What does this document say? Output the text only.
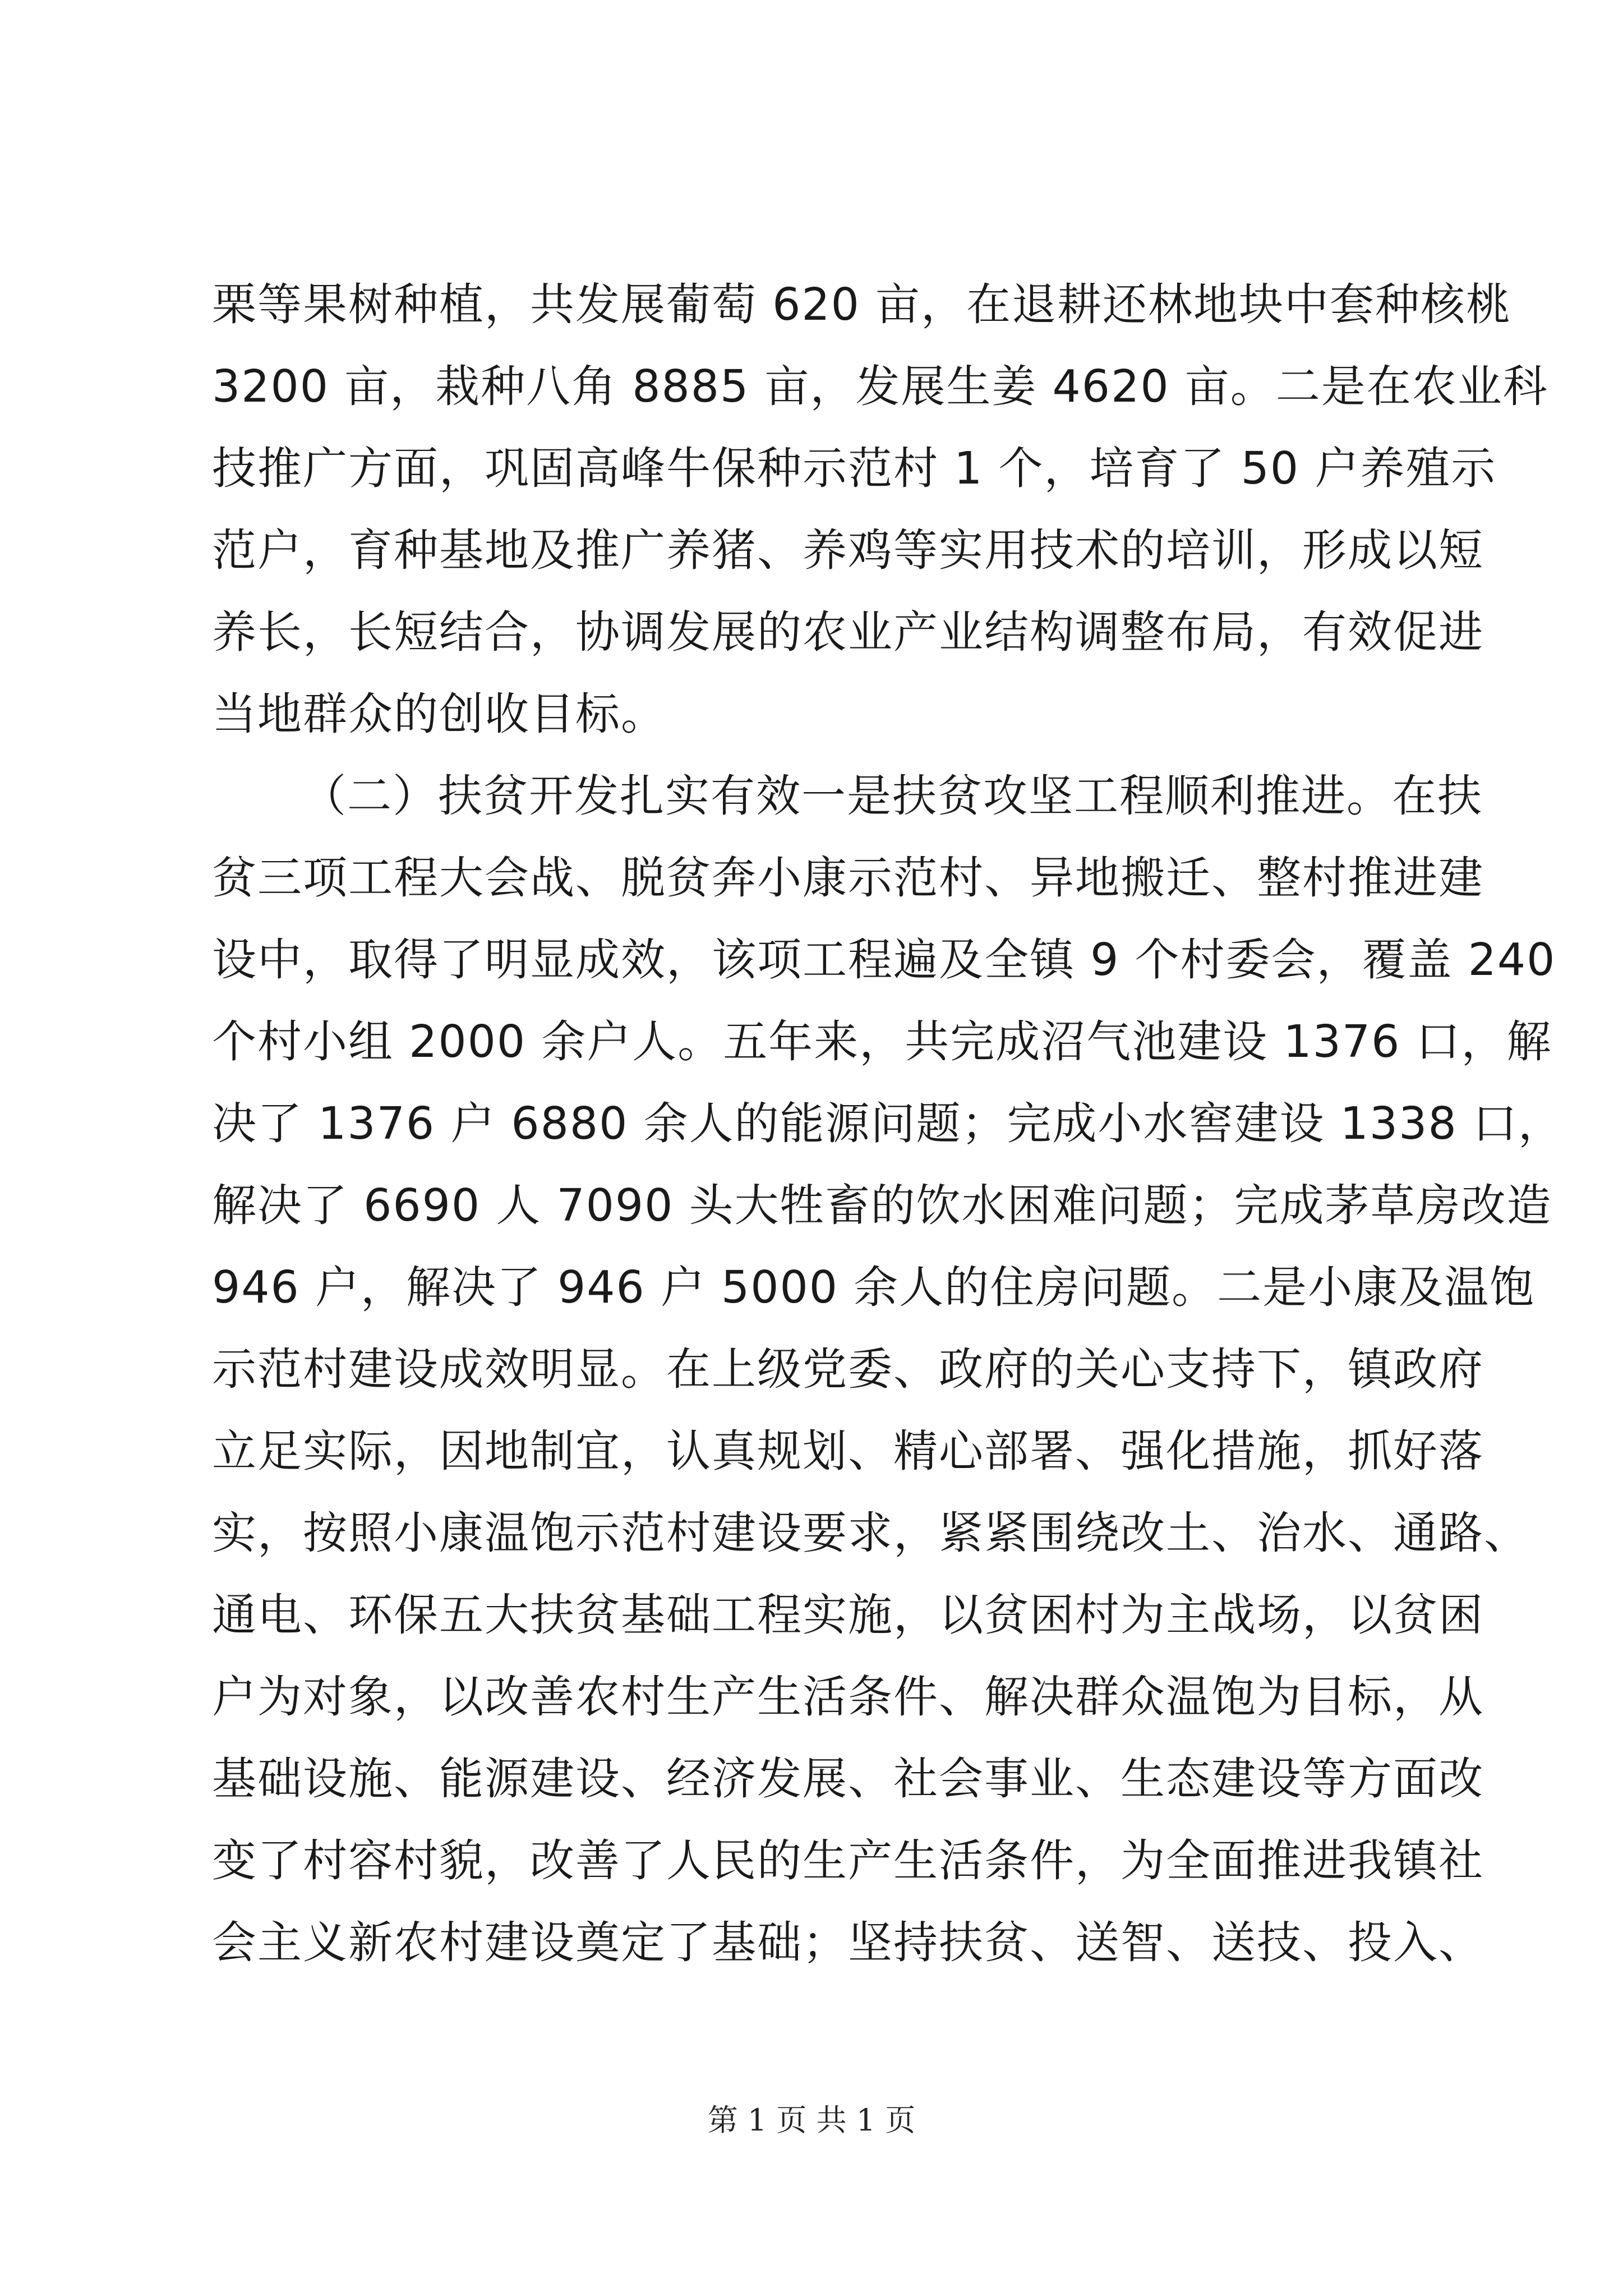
栗等果树种植，共发展葡萄 620 亩，在退耕还林地块中套种核桃
3200 亩，栽种八角 8885 亩，发展生姜 4620 亩。二是在农业科
技推广方面，巩固高峰牛保种示范村 1 个，培育了 50 户养殖示
范户，育种基地及推广养猪、养鸡等实用技术的培训，形成以短
养长，长短结合，协调发展的农业产业结构调整布局，有效促进
当地群众的创收目标。
（二）扶贫开发扎实有效一是扶贫攻坚工程顺利推进。在扶
贫三项工程大会战、脱贫奔小康示范村、异地搬迁、整村推进建
设中，取得了明显成效，该项工程遍及全镇 9 个村委会，覆盖 240
个村小组 2000 余户人。五年来，共完成沼气池建设 1376 口，解
决了 1376 户 6880 余人的能源问题；完成小水窖建设 1338 口，
解决了 6690 人 7090 头大牲畜的饮水困难问题；完成茅草房改造
946 户，解决了 946 户 5000 余人的住房问题。二是小康及温饱
示范村建设成效明显。在上级党委、政府的关心支持下，镇政府
立足实际，因地制宜，认真规划、精心部署、强化措施，抓好落
实，按照小康温饱示范村建设要求，紧紧围绕改土、治水、通路、
通电、环保五大扶贫基础工程实施，以贫困村为主战场，以贫困
户为对象，以改善农村生产生活条件、解决群众温饱为目标，从
基础设施、能源建设、经济发展、社会事业、生态建设等方面改
变了村容村貌，改善了人民的生产生活条件，为全面推进我镇社
会主义新农村建设奠定了基础；坚持扶贫、送智、送技、投入、
第 1 页 共 1 页
